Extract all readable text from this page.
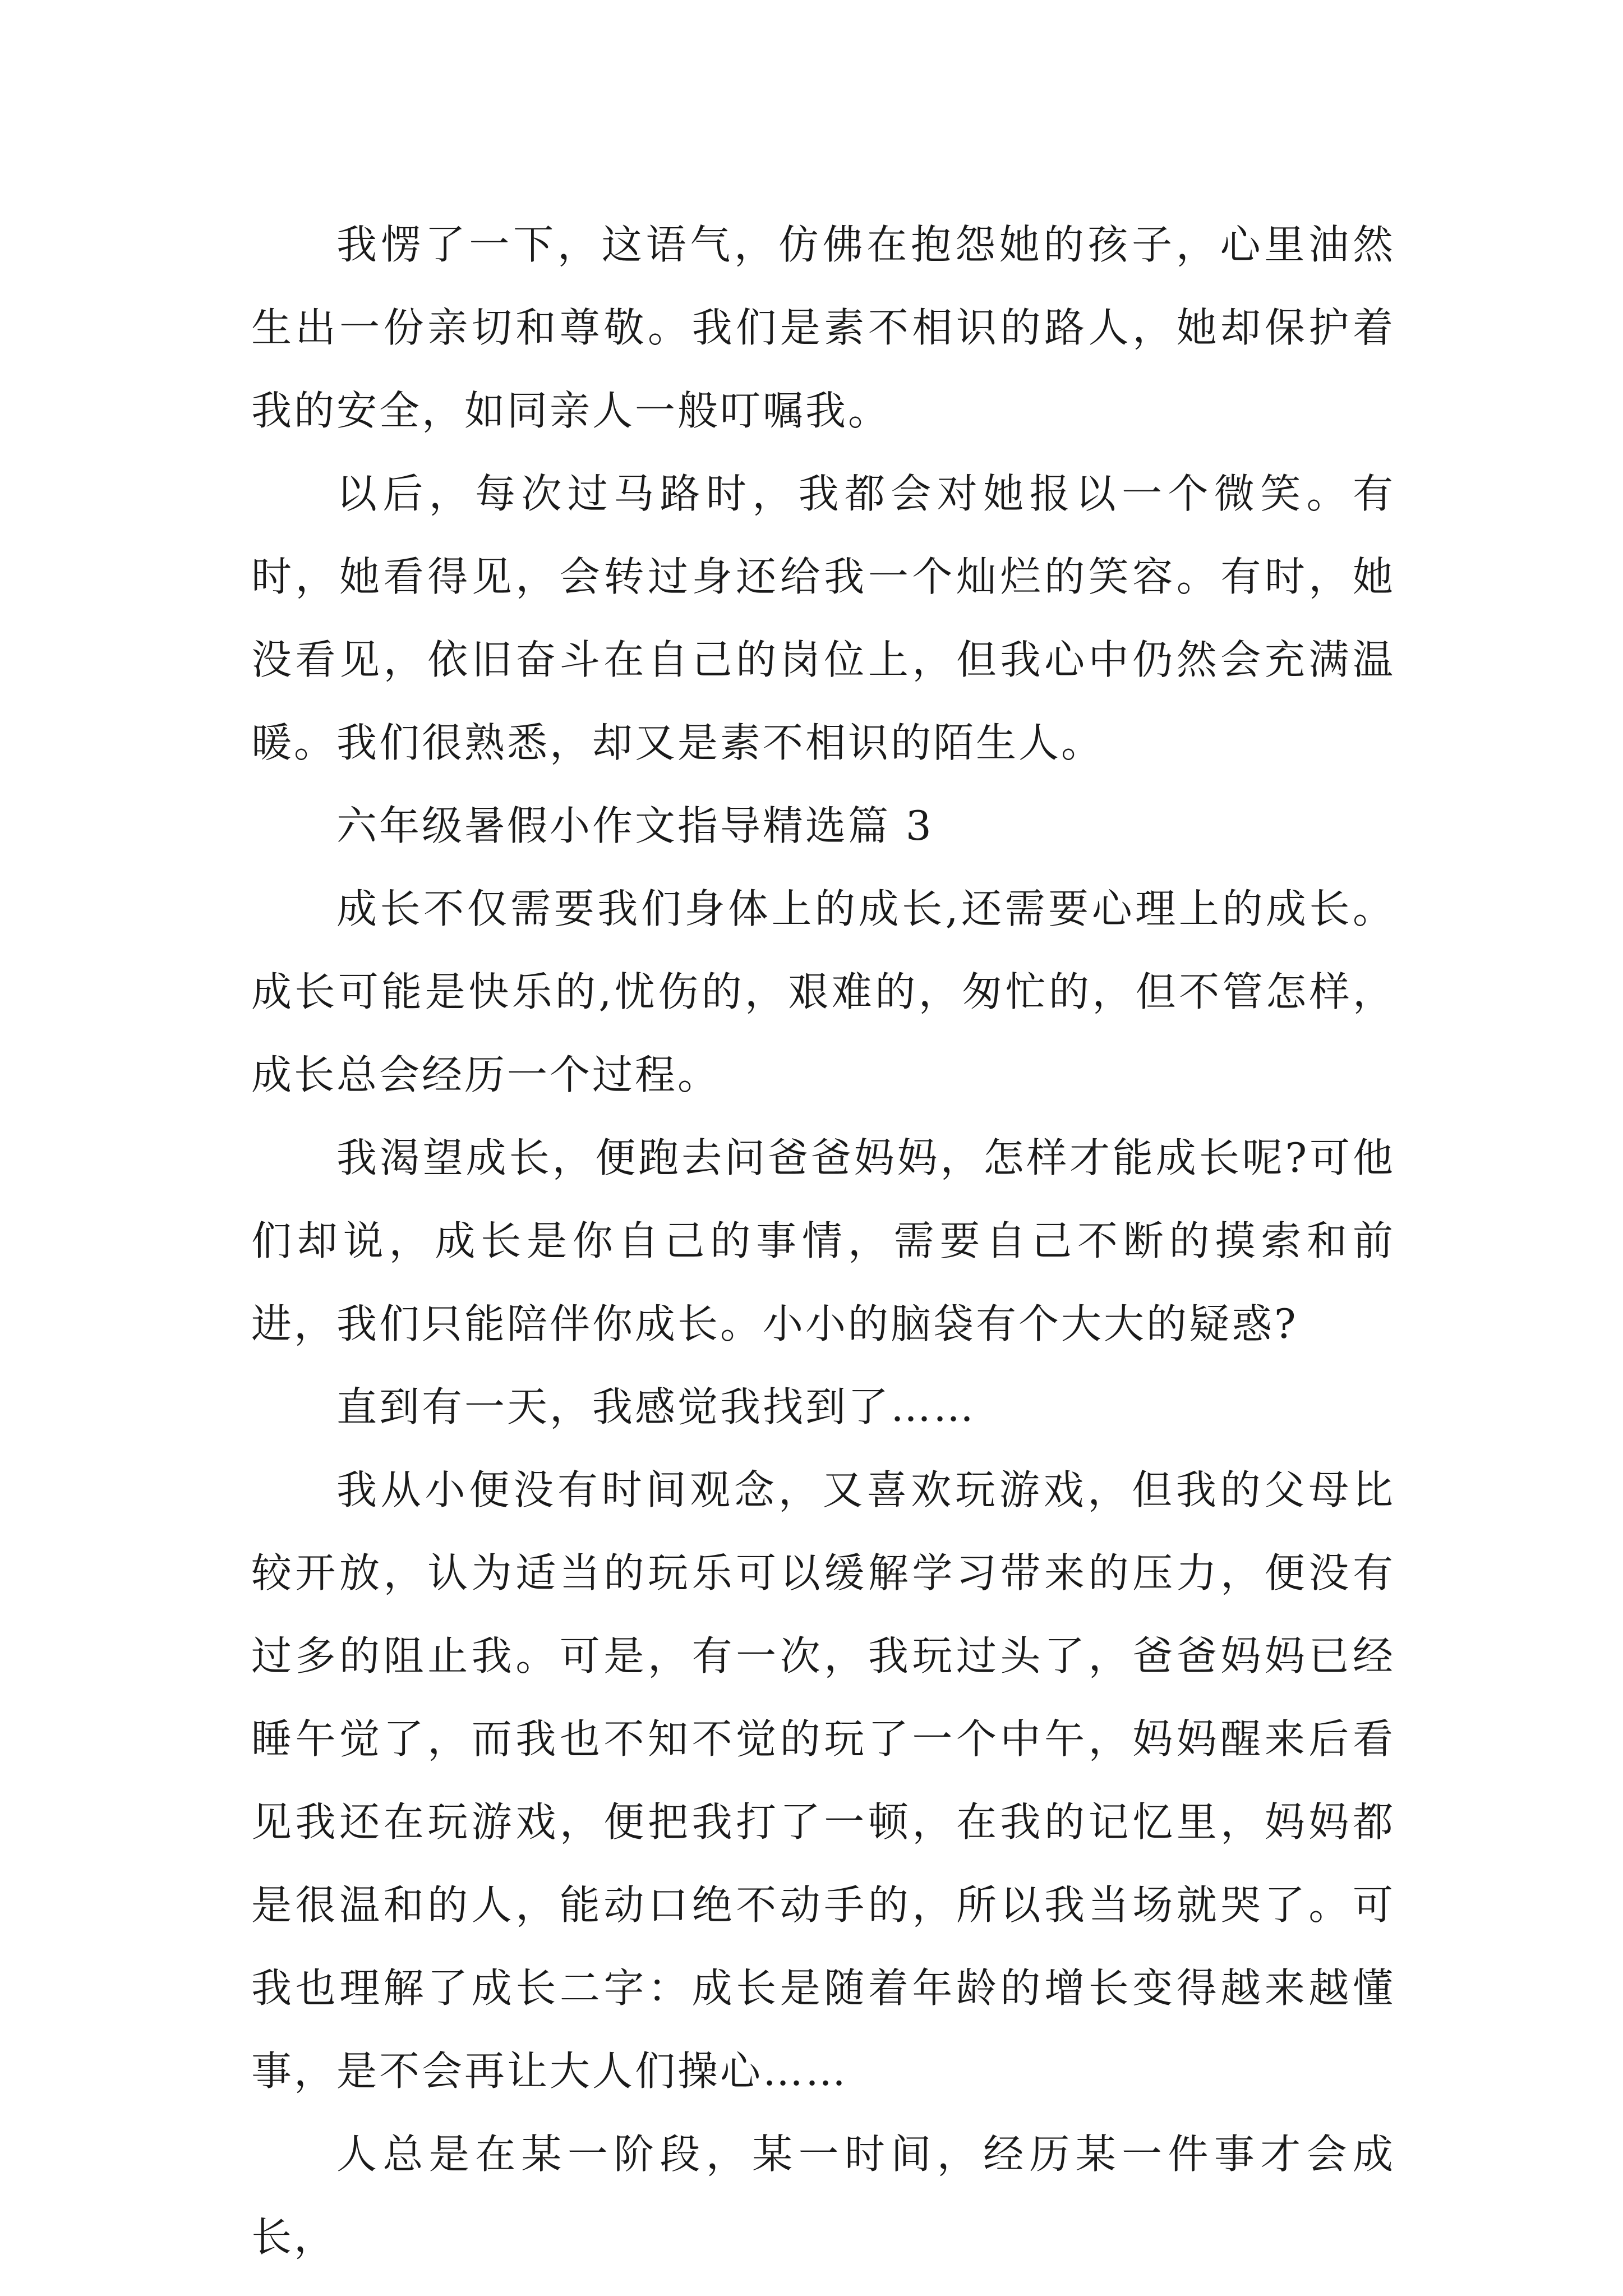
我愣了一下，这语气，仿佛在抱怨她的孩子，心里油然生出一份亲切和尊敬。我们是素不相识的路人，她却保护着我的安全，如同亲人一般叮嘱我。

以后，每次过马路时，我都会对她报以一个微笑。有时，她看得见，会转过身还给我一个灿烂的笑容。有时，她没看见，依旧奋斗在自己的岗位上，但我心中仍然会充满温暖。我们很熟悉，却又是素不相识的陌生人。

六年级暑假小作文指导精选篇 3

成长不仅需要我们身体上的成长,还需要心理上的成长。成长可能是快乐的,忧伤的，艰难的，匆忙的，但不管怎样，成长总会经历一个过程。

我渴望成长，便跑去问爸爸妈妈，怎样才能成长呢?可他们却说，成长是你自己的事情，需要自己不断的摸索和前进，我们只能陪伴你成长。小小的脑袋有个大大的疑惑?

直到有一天，我感觉我找到了……

我从小便没有时间观念，又喜欢玩游戏，但我的父母比较开放，认为适当的玩乐可以缓解学习带来的压力，便没有过多的阻止我。可是，有一次，我玩过头了，爸爸妈妈已经睡午觉了，而我也不知不觉的玩了一个中午，妈妈醒来后看见我还在玩游戏，便把我打了一顿，在我的记忆里，妈妈都是很温和的人，能动口绝不动手的，所以我当场就哭了。可我也理解了成长二字：成长是随着年龄的增长变得越来越懂事，是不会再让大人们操心……

人总是在某一阶段，某一时间，经历某一件事才会成长，
